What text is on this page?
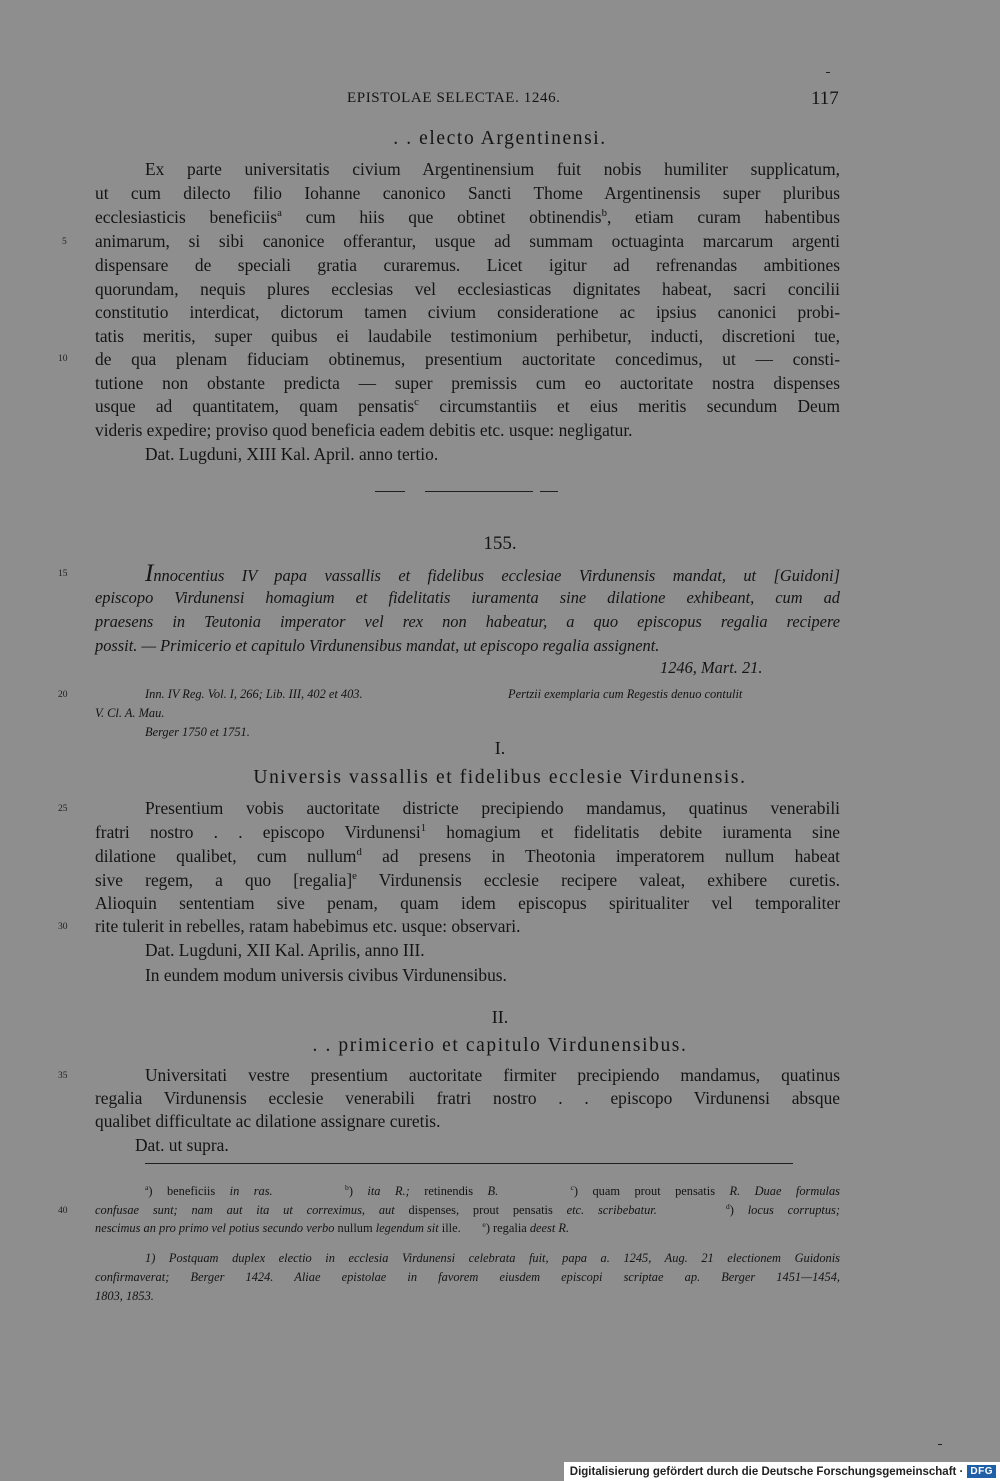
EPISTOLAE SELECTAE. 1246.	117
. . electo Argentinensi.
Ex parte universitatis civium Argentinensium fuit nobis humiliter supplicatum,
ut cum dilecto filio Iohanne canonico Sancti Thome Argentinensis super pluribus
ecclesiasticis beneficiis$^a$ cum hiis que obtinet obtinendis$^b$, etiam curam habentibus
animarum, si sibi canonice offerantur, usque ad summam octuaginta marcarum argenti
dispensare de speciali gratia curaremus. Licet igitur ad refrenandas ambitiones
quorundam, nequis plures ecclesias vel ecclesiasticas dignitates habeat, sacri concilii
constitutio interdicat, dictorum tamen civium consideratione ac ipsius canonici probi-
tatis meritis, super quibus ei laudabile testimonium perhibetur, inducti, discretioni tue,
de qua plenam fiduciam obtinemus, presentium auctoritate concedimus, ut — consti-
tutione non obstante predicta — super premissis cum eo auctoritate nostra dispenses
usque ad quantitatem, quam pensatis$^c$ circumstantiis et eius meritis secundum Deum
videris expedire; proviso quod beneficia eadem debitis etc. usque: negligatur.
Dat. Lugduni, XIII Kal. April. anno tertio.
155.
Innocentius IV papa vassallis et fidelibus ecclesiae Virdunensis mandat, ut [Guidoni]
episcopo Virdunensi homagium et fidelitatis iuramenta sine dilatione exhibeant, cum ad
praesens in Teutonia imperator vel rex non habeatur, a quo episcopus regalia recipere
possit. — Primicerio et capitulo Virdunensibus mandat, ut episcopo regalia assignent.
1246, Mart. 21.
Inn. IV Reg. Vol. I, 266; Lib. III, 402 et 403.	Pertzii exemplaria cum Regestis denuo contulit
V. Cl. A. Mau.
Berger 1750 et 1751.
I.
Universis vassallis et fidelibus ecclesie Virdunensis.
Presentium vobis auctoritate districte precipiendo mandamus, quatinus venerabili
fratri nostro . . episcopo Virdunensi$^1$ homagium et fidelitatis debite iuramenta sine
dilatione qualibet, cum nullum$^d$ ad presens in Theotonia imperatorem nullum habeat
sive regem, a quo [regalia]$^e$ Virdunensis ecclesie recipere valeat, exhibere curetis.
Alioquin sententiam sive penam, quam idem episcopus spiritualiter vel temporaliter
rite tulerit in rebelles, ratam habebimus etc. usque: observari.
Dat. Lugduni, XII Kal. Aprilis, anno III.
In eundem modum universis civibus Virdunensibus.
II.
. . primicerio et capitulo Virdunensibus.
Universitati vestre presentium auctoritate firmiter precipiendo mandamus, quatinus
regalia Virdunensis ecclesie venerabili fratri nostro . . episcopo Virdunensi absque
qualibet difficultate ac dilatione assignare curetis.
Dat. ut supra.
$^a$) beneficiis in ras.	$^b$) ita R.; retinendis B.	$^c$) quam prout pensatis R. Duae formulas
confusae sunt; nam aut ita ut correximus, aut dispenses, prout pensatis etc. scribebatur.	$^d$) locus corruptus;
nescimus an pro primo vel potius secundo verbo nullum legendum sit ille.	$^e$) regalia deest R.
1) Postquam duplex electio in ecclesia Virdunensi celebrata fuit, papa a. 1245, Aug. 21 electionem Guidonis
confirmaverat; Berger 1424. Aliae epistolae in favorem eiusdem episcopi scriptae ap. Berger 1451—1454,
1803, 1853.
5
10
15
20
25
30
35
40
Digitalisierung gefördert durch die Deutsche Forschungsgemeinschaft · DFG
